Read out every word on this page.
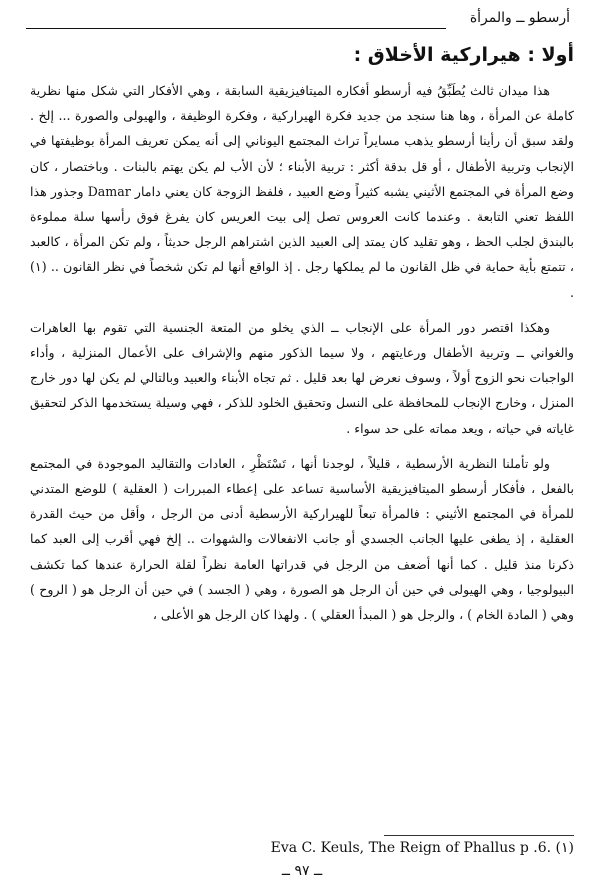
أرسطو ــ والمرأة
أولا : هيراركية الأخلاق :

هذا ميدان ثالث يُطَبِّقُ فيه أرسطو أفكاره الميتافيزيقية السابقة ، وهي الأفكار التي شكل منها نظرية كاملة عن المرأة ، وها هنا سنجد من جديد فكرة الهيراركية ، وفكرة الوظيفة ، والهيولى والصورة ... إلخ . ولقد سبق أن رأينا أرسطو يذهب مسايراً تراث المجتمع اليوناني إلى أنه يمكن تعريف المرأة بوظيفتها في الإنجاب وتربية الأطفال ، أو قل بدقة أكثر : تربية الأبناء ؛ لأن الأب لم يكن يهتم بالبنات . وباختصار ، كان وضع المرأة في المجتمع الأثيني يشبه كثيراً وضع العبيد ، فلفظ الزوجة كان يعني دامار Damar وجذور هذا اللفظ تعني التابعة . وعندما كانت العروس تصل إلى بيت العريس كان يفرغ فوق رأسها سلة مملوءة بالبندق لجلب الحظ ، وهو تقليد كان يمتد إلى العبيد الذين اشتراهم الرجل حديثاً ، ولم تكن المرأة ، كالعبد ، تتمتع بأية حماية في ظل القانون ما لم يملكها رجل . إذ الواقع أنها لم تكن شخصاً في نظر القانون .. (١) .

وهكذا اقتصر دور المرأة على الإنجاب ــ الذي يخلو من المتعة الجنسية التي تقوم بها العاهرات والغواني ــ وتربية الأطفال ورعايتهم ، ولا سيما الذكور منهم والإشراف على الأعمال المنزلية ، وأداء الواجبات نحو الزوج أولاً ، وسوف نعرض لها بعد قليل . ثم تجاه الأبناء والعبيد وبالتالي لم يكن لها دور خارج المنزل ، وخارج الإنجاب للمحافظة على النسل وتحقيق الخلود للذكر ، فهي وسيلة يستخدمها الذكر لتحقيق غاياته في حياته ، ويعد مماته على حد سواء .

ولو تأملنا النظرية الأرسطية ، قليلاً ، لوجدنا أنها ، تَسْتَظْرِ ، العادات والتقاليد الموجودة في المجتمع بالفعل ، فأفكار أرسطو الميتافيزيقية الأساسية تساعد على إعطاء المبررات ( العقلية ) للوضع المتدني للمرأة في المجتمع الأثيني : فالمرأة تبعاً للهيراركية الأرسطية أدنى من الرجل ، وأقل من حيث القدرة العقلية ، إذ يطغى عليها الجانب الجسدي أو جانب الانفعالات والشهوات .. إلخ فهي أقرب إلى العبد كما ذكرنا منذ قليل . كما أنها أضعف من الرجل في قدراتها العامة نظراً لقلة الحرارة عندها كما تكشف البيولوجيا ، وهي الهيولى في حين أن الرجل هو الصورة ، وهي ( الجسد ) في حين أن الرجل هو ( الروح ) وهي ( المادة الخام ) ، والرجل هو ( المبدأ العقلي ) . ولهذا كان الرجل هو الأعلى ،

(١) Eva C. Keuls, The Reign of Phallus p .6.
ــ ٩٧ ــ
